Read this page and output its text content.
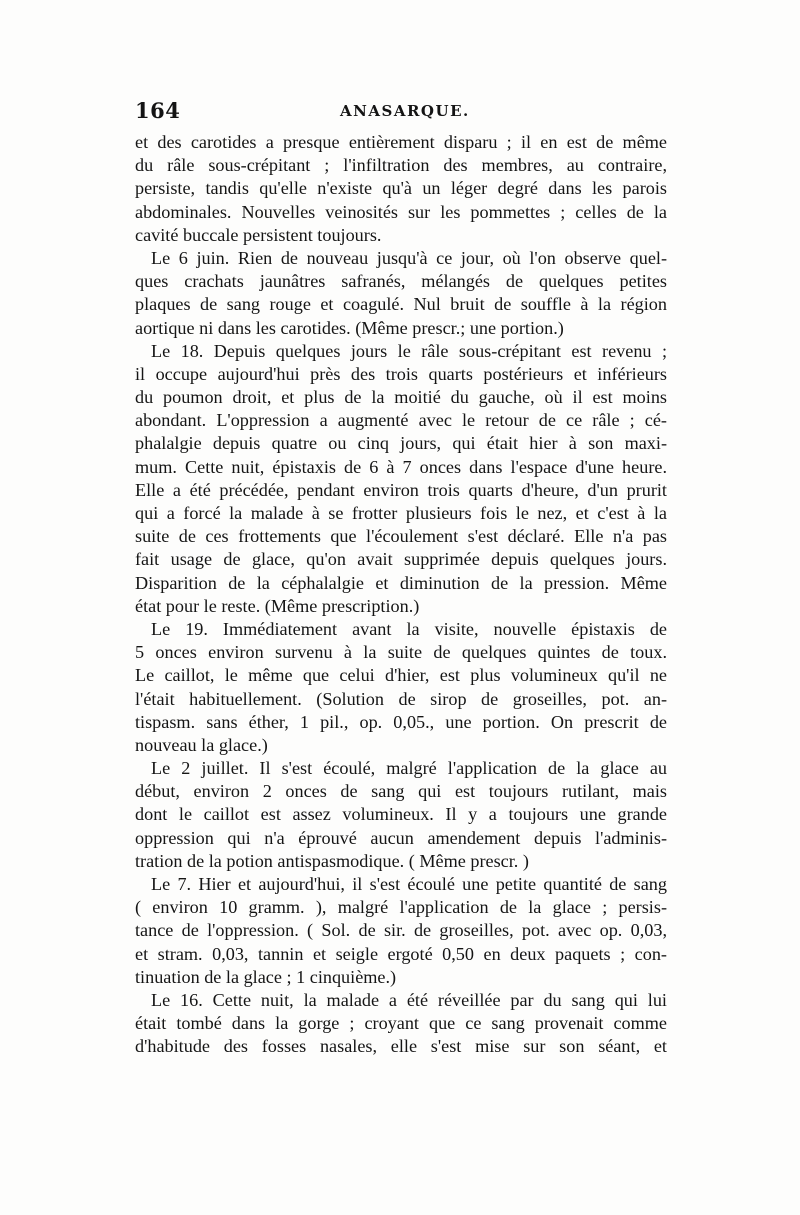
164	ANASARQUE.
et des carotides a presque entièrement disparu ; il en est de même
du râle sous-crépitant ; l'infiltration des membres, au contraire,
persiste, tandis qu'elle n'existe qu'à un léger degré dans les parois
abdominales. Nouvelles veinosités sur les pommettes ; celles de la
cavité buccale persistent toujours.
Le 6 juin. Rien de nouveau jusqu'à ce jour, où l'on observe quel-
ques crachats jaunâtres safranés, mélangés de quelques petites
plaques de sang rouge et coagulé. Nul bruit de souffle à la région
aortique ni dans les carotides. (Même prescr.; une portion.)
Le 18. Depuis quelques jours le râle sous-crépitant est revenu ;
il occupe aujourd'hui près des trois quarts postérieurs et inférieurs
du poumon droit, et plus de la moitié du gauche, où il est moins
abondant. L'oppression a augmenté avec le retour de ce râle ; cé-
phalalgie depuis quatre ou cinq jours, qui était hier à son maxi-
mum. Cette nuit, épistaxis de 6 à 7 onces dans l'espace d'une heure.
Elle a été précédée, pendant environ trois quarts d'heure, d'un prurit
qui a forcé la malade à se frotter plusieurs fois le nez, et c'est à la
suite de ces frottements que l'écoulement s'est déclaré. Elle n'a pas
fait usage de glace, qu'on avait supprimée depuis quelques jours.
Disparition de la céphalalgie et diminution de la pression. Même
état pour le reste. (Même prescription.)
Le 19. Immédiatement avant la visite, nouvelle épistaxis de
5 onces environ survenu à la suite de quelques quintes de toux.
Le caillot, le même que celui d'hier, est plus volumineux qu'il ne
l'était habituellement. (Solution de sirop de groseilles, pot. an-
tispasm. sans éther, 1 pil., op. 0,05., une portion. On prescrit de
nouveau la glace.)
Le 2 juillet. Il s'est écoulé, malgré l'application de la glace au
début, environ 2 onces de sang qui est toujours rutilant, mais
dont le caillot est assez volumineux. Il y a toujours une grande
oppression qui n'a éprouvé aucun amendement depuis l'adminis-
tration de la potion antispasmodique. ( Même prescr. )
Le 7. Hier et aujourd'hui, il s'est écoulé une petite quantité de sang
( environ 10 gramm. ), malgré l'application de la glace ; persis-
tance de l'oppression. ( Sol. de sir. de groseilles, pot. avec op. 0,03,
et stram. 0,03, tannin et seigle ergoté 0,50 en deux paquets ; con-
tinuation de la glace ; 1 cinquième.)
Le 16. Cette nuit, la malade a été réveillée par du sang qui lui
était tombé dans la gorge ; croyant que ce sang provenait comme
d'habitude des fosses nasales, elle s'est mise sur son séant, et
